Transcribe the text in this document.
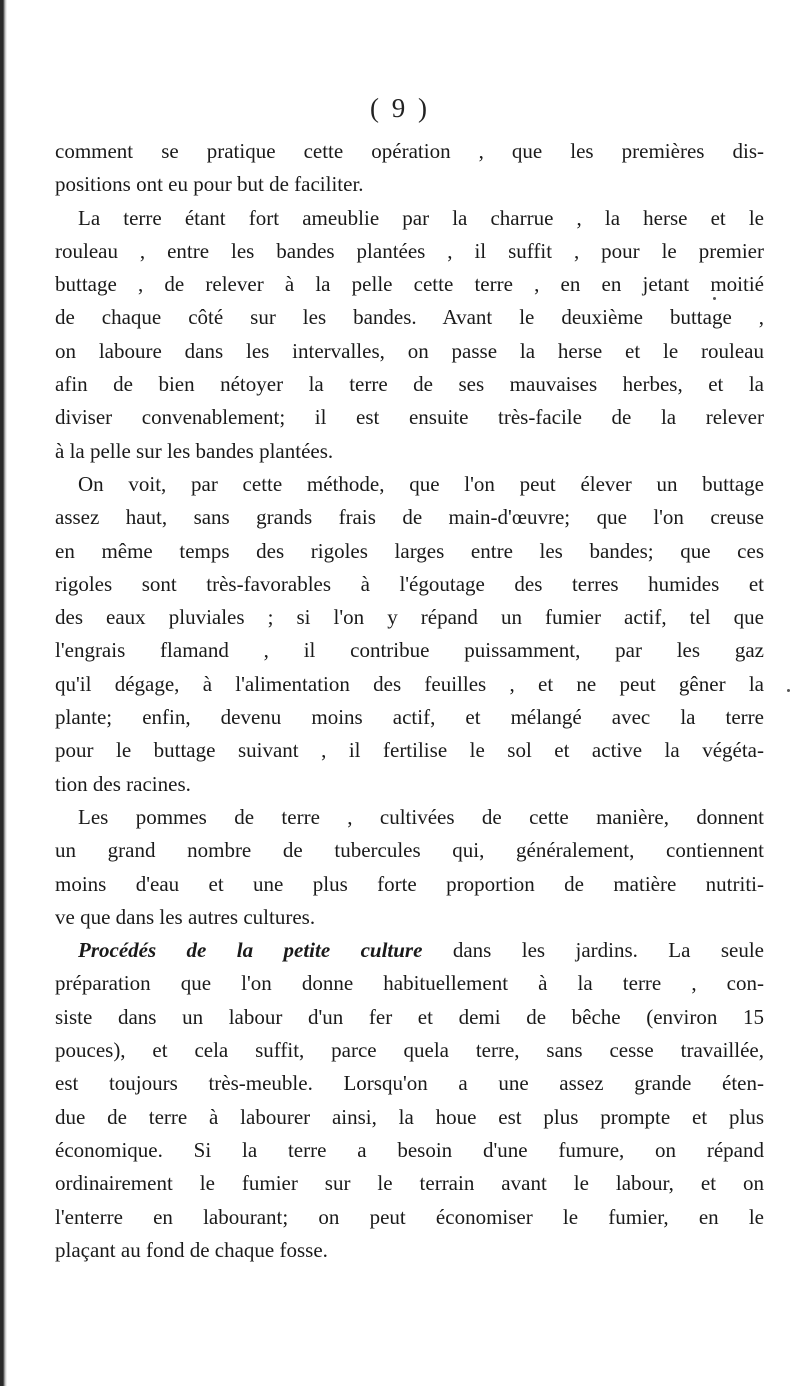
( 9 )
comment se pratique cette opération , que les premières dis-
positions ont eu pour but de faciliter.
La terre étant fort ameublie par la charrue , la herse et le
rouleau , entre les bandes plantées , il suffit , pour le premier
buttage , de relever à la pelle cette terre , en en jetant moitié
de chaque côté sur les bandes. Avant le deuxième buttage ,
on laboure dans les intervalles, on passe la herse et le rouleau
afin de bien nétoyer la terre de ses mauvaises herbes, et la
diviser convenablement; il est ensuite très-facile de la relever
à la pelle sur les bandes plantées.
On voit, par cette méthode, que l'on peut élever un buttage
assez haut, sans grands frais de main-d'œuvre; que l'on creuse
en même temps des rigoles larges entre les bandes; que ces
rigoles sont très-favorables à l'égoutage des terres humides et
des eaux pluviales ; si l'on y répand un fumier actif, tel que
l'engrais flamand , il contribue puissamment, par les gaz
qu'il dégage, à l'alimentation des feuilles , et ne peut gêner la
plante; enfin, devenu moins actif, et mélangé avec la terre
pour le buttage suivant , il fertilise le sol et active la végéta-
tion des racines.
Les pommes de terre , cultivées de cette manière, donnent
un grand nombre de tubercules qui, généralement, contiennent
moins d'eau et une plus forte proportion de matière nutriti-
ve que dans les autres cultures.
Procédés de la petite culture dans les jardins. La seule
préparation que l'on donne habituellement à la terre , con-
siste dans un labour d'un fer et demi de bêche (environ 15
pouces), et cela suffit, parce quela terre, sans cesse travaillée,
est toujours très-meuble. Lorsqu'on a une assez grande éten-
due de terre à labourer ainsi, la houe est plus prompte et plus
économique. Si la terre a besoin d'une fumure, on répand
ordinairement le fumier sur le terrain avant le labour, et on
l'enterre en labourant; on peut économiser le fumier, en le
plaçant au fond de chaque fosse.
